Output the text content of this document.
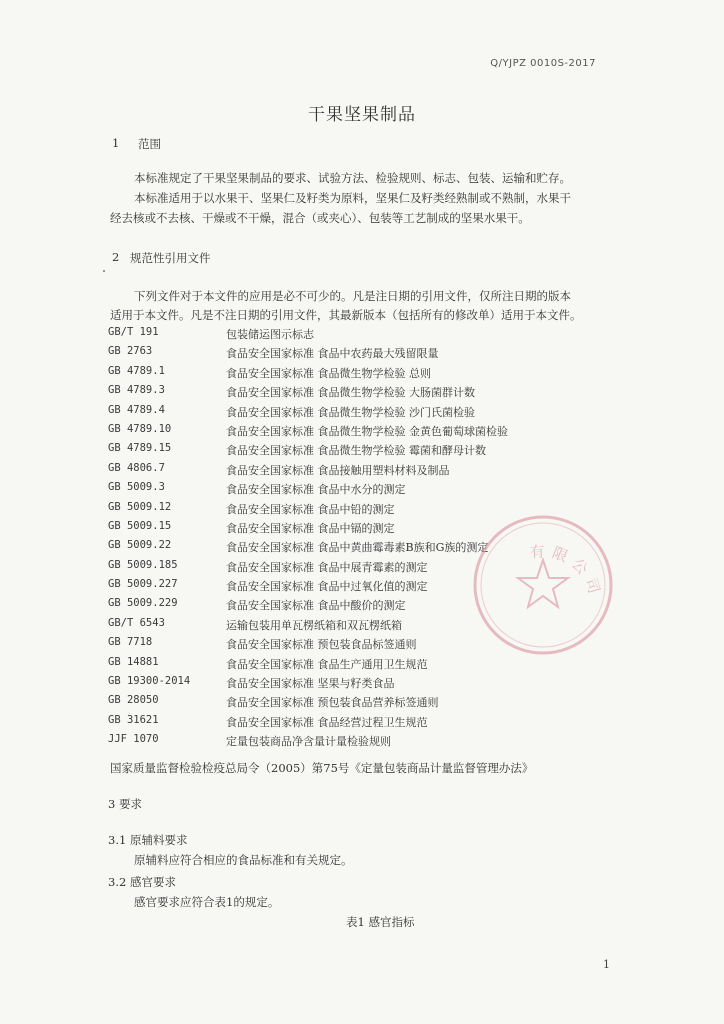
Q/YJPZ 0010S-2017
干果坚果制品
1 范围
本标准规定了干果坚果制品的要求、试验方法、检验规则、标志、包装、运输和贮存。
本标准适用于以水果干、坚果仁及籽类为原料，坚果仁及籽类经熟制或不熟制，水果干
经去核或不去核、干燥或不干燥，混合（或夹心）、包装等工艺制成的坚果水果干。
2 规范性引用文件
下列文件对于本文件的应用是必不可少的。凡是注日期的引用文件，仅所注日期的版本
适用于本文件。凡是不注日期的引用文件，其最新版本（包括所有的修改单）适用于本文件。
GB/T 191	包装储运图示标志
GB 2763	食品安全国家标准 食品中农药最大残留限量
GB 4789.1	食品安全国家标准 食品微生物学检验 总则
GB 4789.3	食品安全国家标准 食品微生物学检验 大肠菌群计数
GB 4789.4	食品安全国家标准 食品微生物学检验 沙门氏菌检验
GB 4789.10	食品安全国家标准 食品微生物学检验 金黄色葡萄球菌检验
GB 4789.15	食品安全国家标准 食品微生物学检验 霉菌和酵母计数
GB 4806.7	食品安全国家标准 食品接触用塑料材料及制品
GB 5009.3	食品安全国家标准 食品中水分的测定
GB 5009.12	食品安全国家标准 食品中铅的测定
GB 5009.15	食品安全国家标准 食品中镉的测定
GB 5009.22	食品安全国家标准 食品中黄曲霉毒素B族和G族的测定
GB 5009.185	食品安全国家标准 食品中展青霉素的测定
GB 5009.227	食品安全国家标准 食品中过氧化值的测定
GB 5009.229	食品安全国家标准 食品中酸价的测定
GB/T 6543	运输包装用单瓦楞纸箱和双瓦楞纸箱
GB 7718	食品安全国家标准 预包装食品标签通则
GB 14881	食品安全国家标准 食品生产通用卫生规范
GB 19300-2014	食品安全国家标准 坚果与籽类食品
GB 28050	食品安全国家标准 预包装食品营养标签通则
GB 31621	食品安全国家标准 食品经营过程卫生规范
JJF 1070	定量包装商品净含量计量检验规则
国家质量监督检验检疫总局令（2005）第75号《定量包装商品计量监督管理办法》
3 要求
3.1 原辅料要求
原辅料应符合相应的食品标准和有关规定。
3.2 感官要求
感官要求应符合表1的规定。
表1 感官指标
有限公司
1
